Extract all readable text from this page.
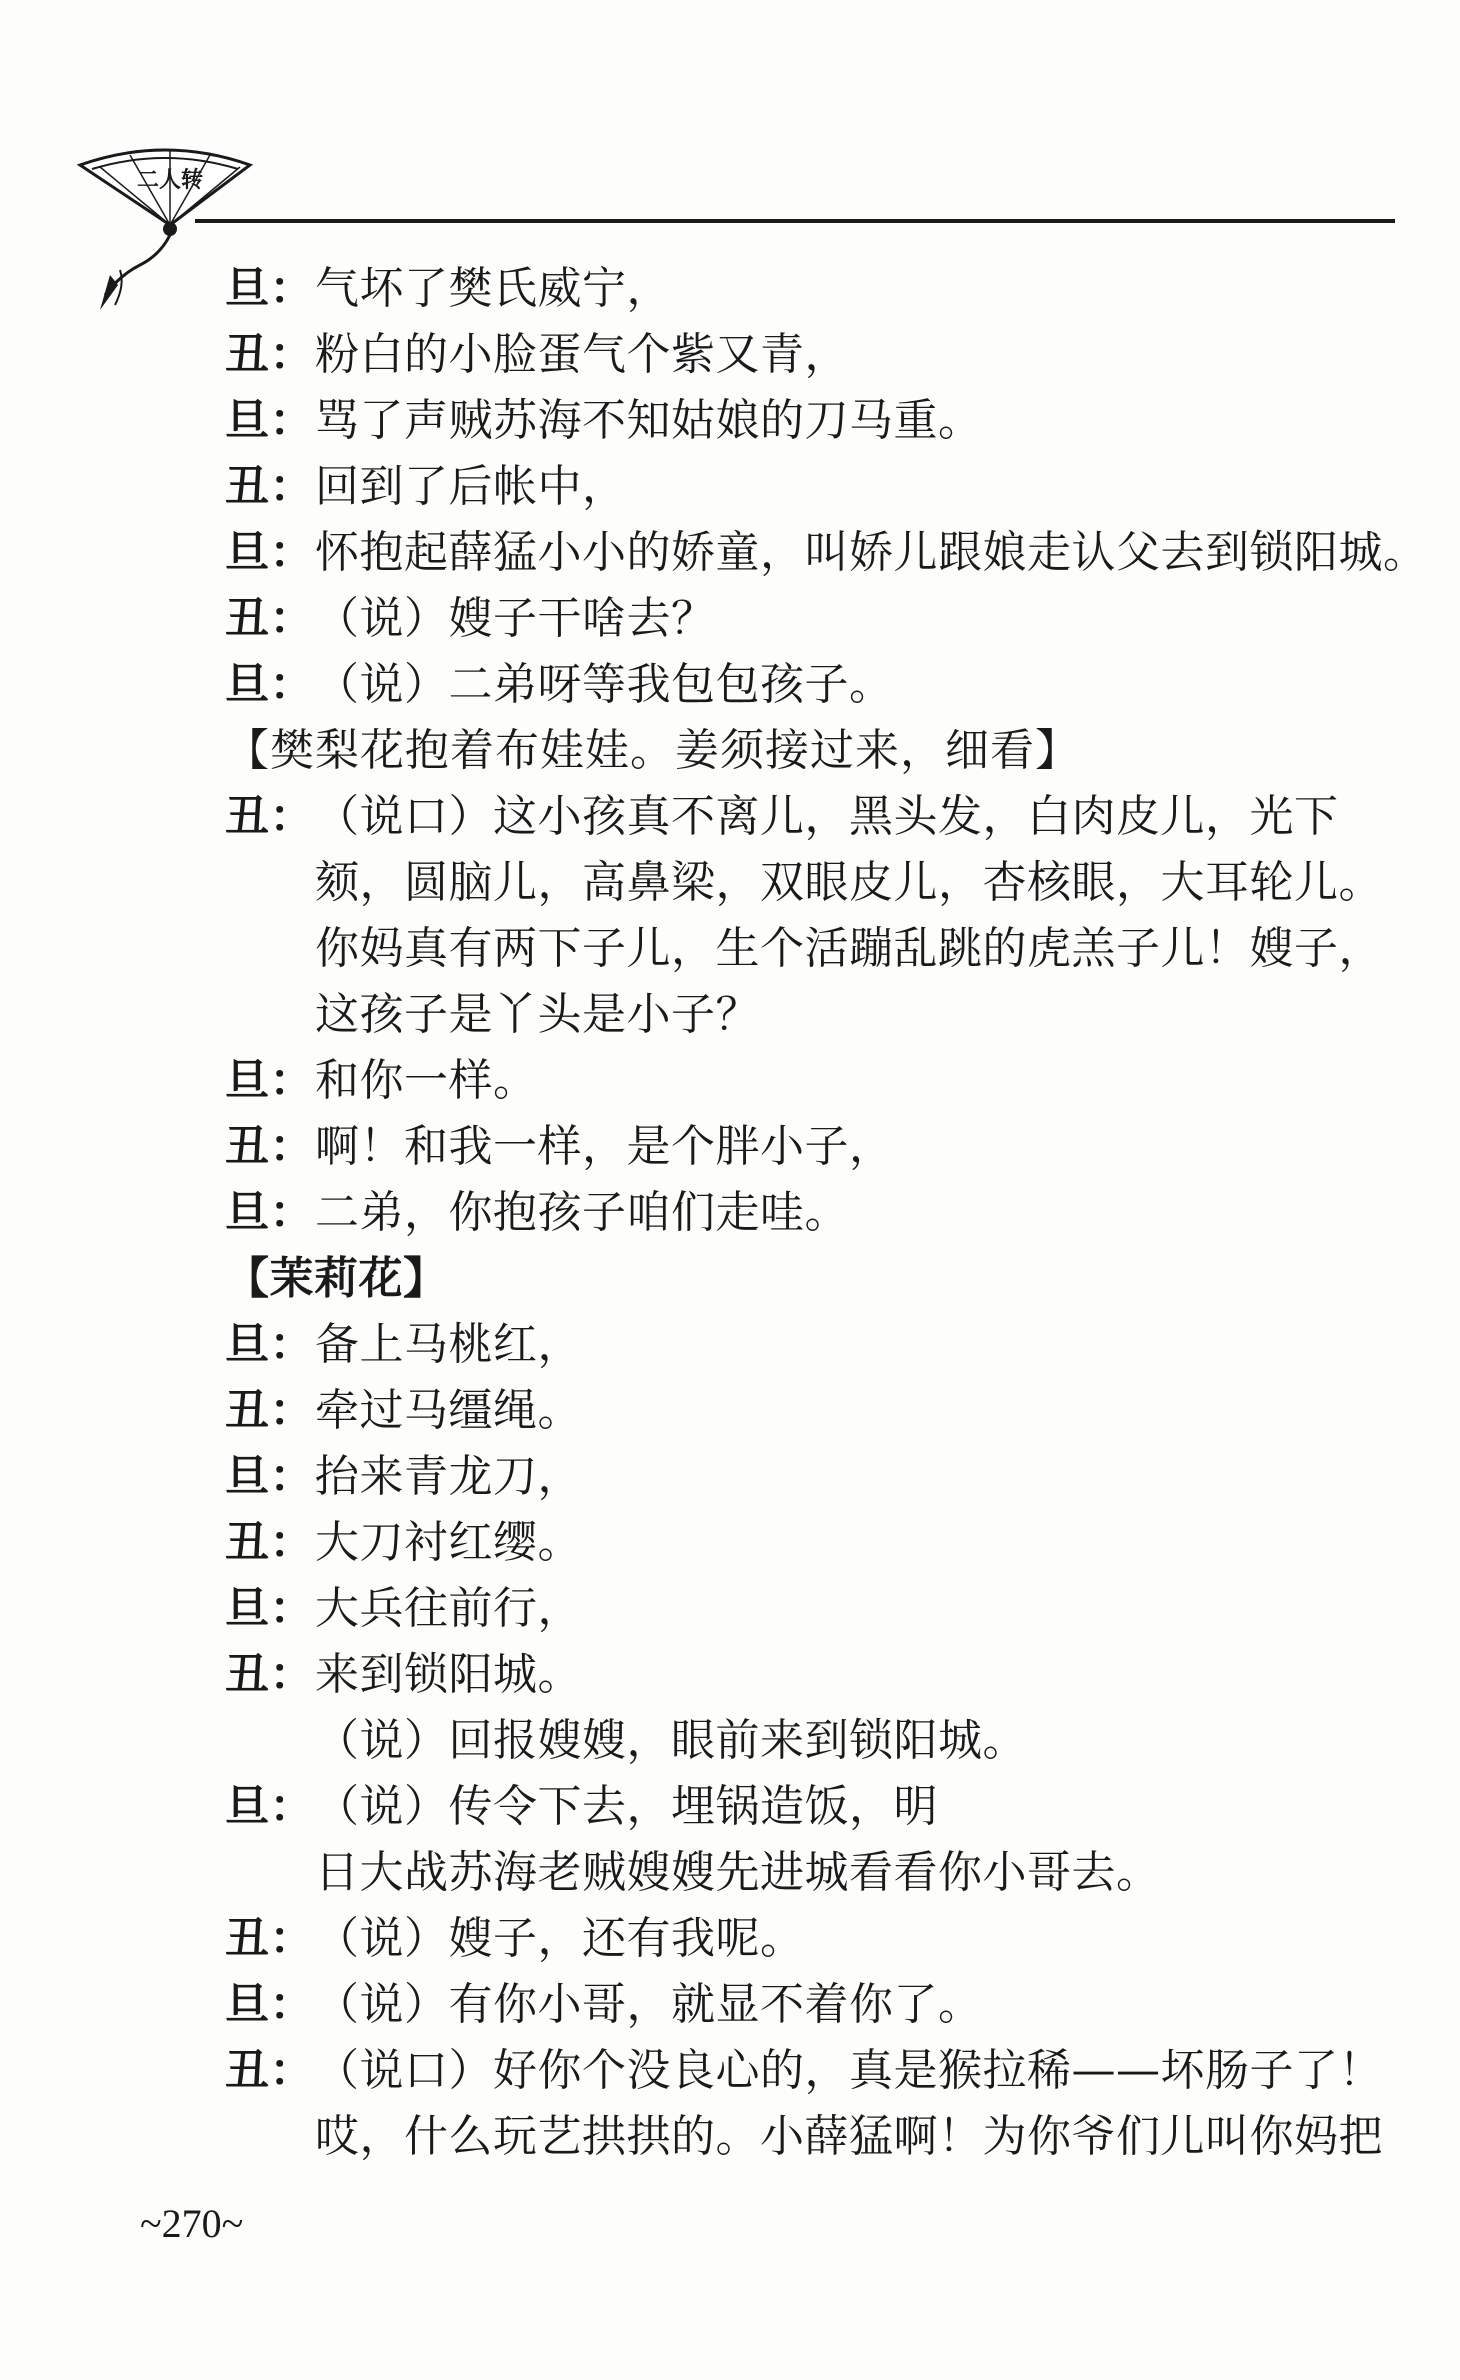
二人转
旦：气坏了樊氏威宁，
丑：粉白的小脸蛋气个紫又青，
旦：骂了声贼苏海不知姑娘的刀马重。
丑：回到了后帐中，
旦：怀抱起薛猛小小的娇童，叫娇儿跟娘走认父去到锁阳城。
丑：（说）嫂子干啥去？
旦：（说）二弟呀等我包包孩子。
【樊梨花抱着布娃娃。姜须接过来，细看】
丑：（说口）这小孩真不离儿，黑头发，白肉皮儿，光下
颏，圆脑儿，高鼻梁，双眼皮儿，杏核眼，大耳轮儿。
你妈真有两下子儿，生个活蹦乱跳的虎羔子儿！嫂子，
这孩子是丫头是小子？
旦：和你一样。
丑：啊！和我一样，是个胖小子，
旦：二弟，你抱孩子咱们走哇。
【茉莉花】
旦：备上马桃红，
丑：牵过马缰绳。
旦：抬来青龙刀，
丑：大刀衬红缨。
旦：大兵往前行，
丑：来到锁阳城。
（说）回报嫂嫂，眼前来到锁阳城。
旦：（说）传令下去，埋锅造饭，明
日大战苏海老贼嫂嫂先进城看看你小哥去。
丑：（说）嫂子，还有我呢。
旦：（说）有你小哥，就显不着你了。
丑：（说口）好你个没良心的，真是猴拉稀——坏肠子了！
哎，什么玩艺拱拱的。小薛猛啊！为你爷们儿叫你妈把
~270~
